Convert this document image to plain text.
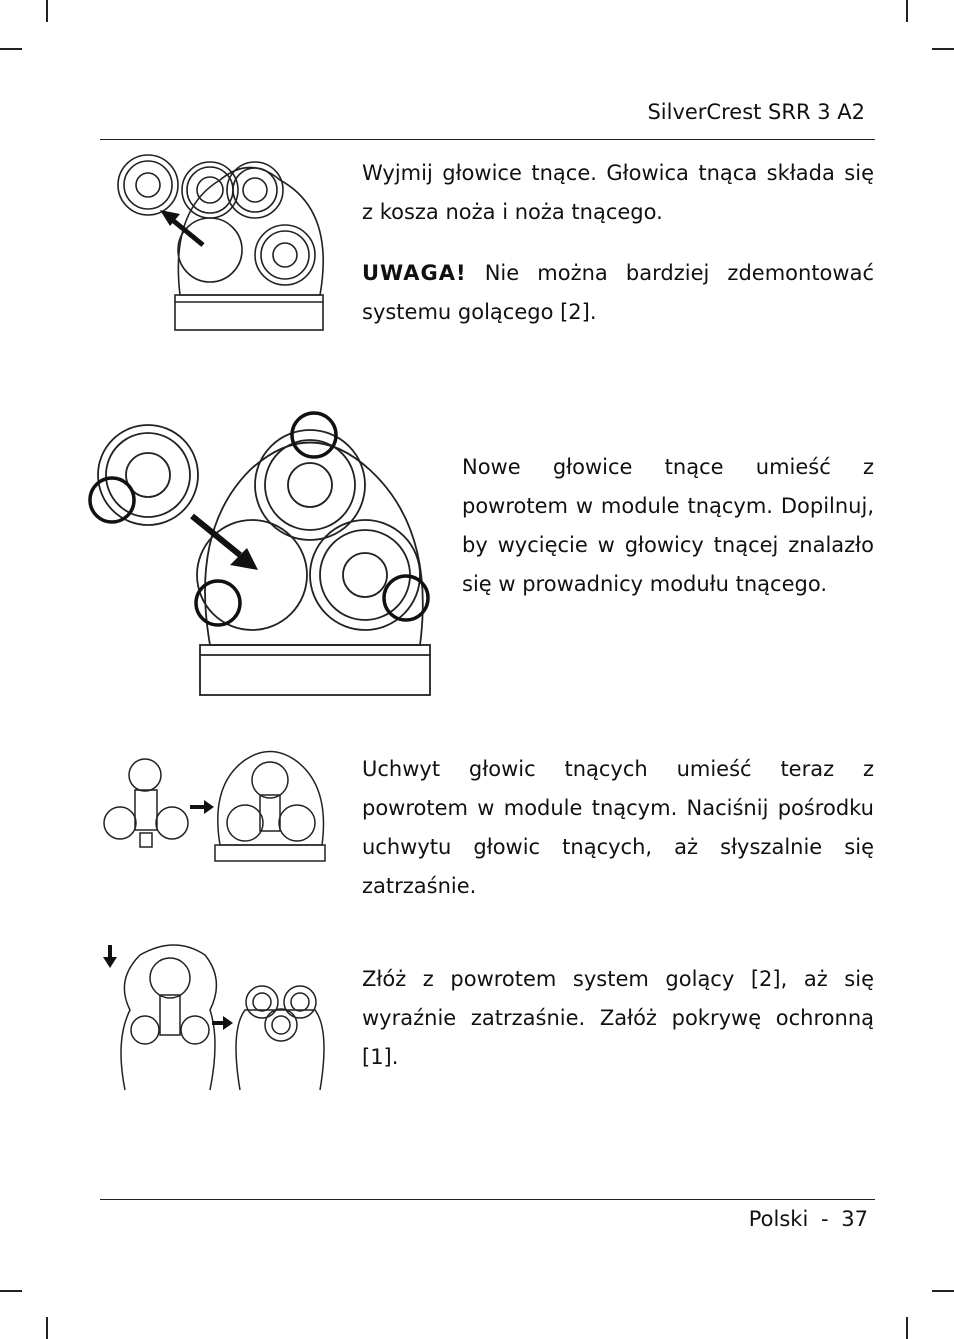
SilverCrest SRR 3 A2

Wyjmij głowice tnące. Głowica tnąca składa się z kosza noża i noża tnącego.

UWAGA! Nie można bardziej zdemontować systemu golącego [2].

Nowe głowice tnące umieść z powrotem w module tnącym. Dopilnuj, by wycięcie w głowicy tnącej znalazło się w prowadnicy modułu tnącego.

Uchwyt głowic tnących umieść teraz z powrotem w module tnącym. Naciśnij pośrodku uchwytu głowic tnących, aż słyszalnie się zatrzaśnie.

Złóż z powrotem system golący [2], aż się wyraźnie zatrzaśnie. Załóż pokrywę ochronną [1].

Polski - 37
